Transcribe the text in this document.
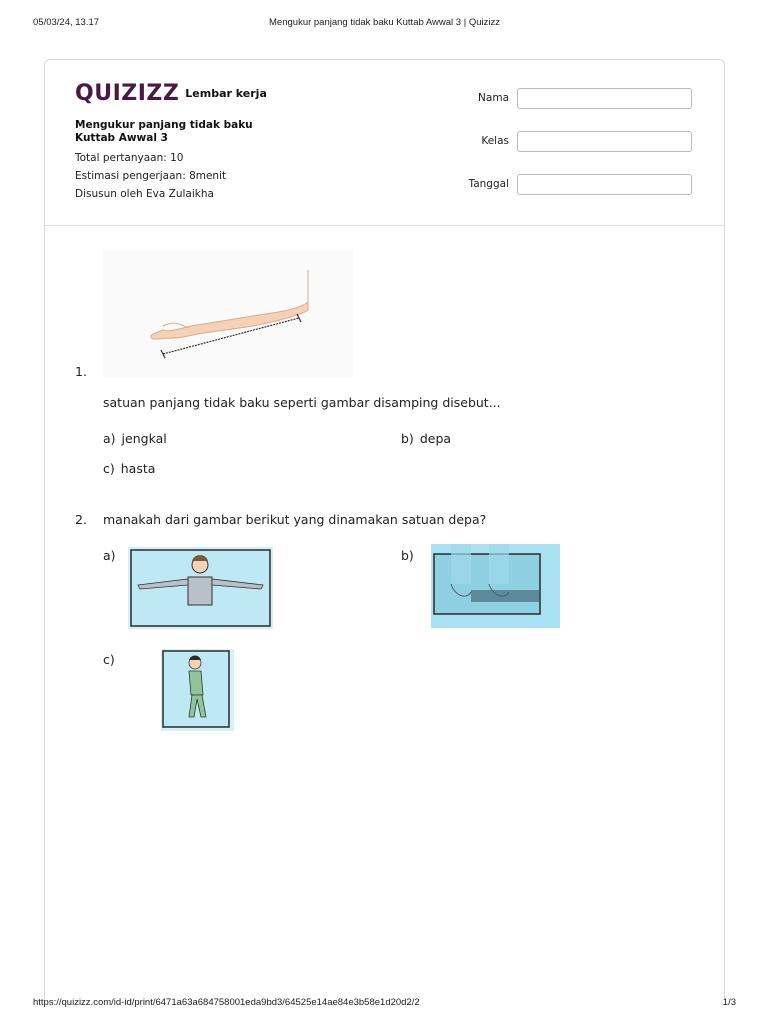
05/03/24, 13.17	Mengukur panjang tidak baku Kuttab Awwal 3 | Quizizz
QUIZIZZ Lembar kerja
Mengukur panjang tidak baku Kuttab Awwal 3
Total pertanyaan: 10
Estimasi pengerjaan: 8menit
Disusun oleh Eva Zulaikha
Nama
Kelas
Tanggal
1.
satuan panjang tidak baku seperti gambar disamping disebut...
a) jengkal	b) depa
c) hasta
2. manakah dari gambar berikut yang dinamakan satuan depa?
a)	b)
c)
https://quizizz.com/id-id/print/6471a63a684758001eda9bd3/64525e14ae84e3b58e1d20d2/2	1/3
